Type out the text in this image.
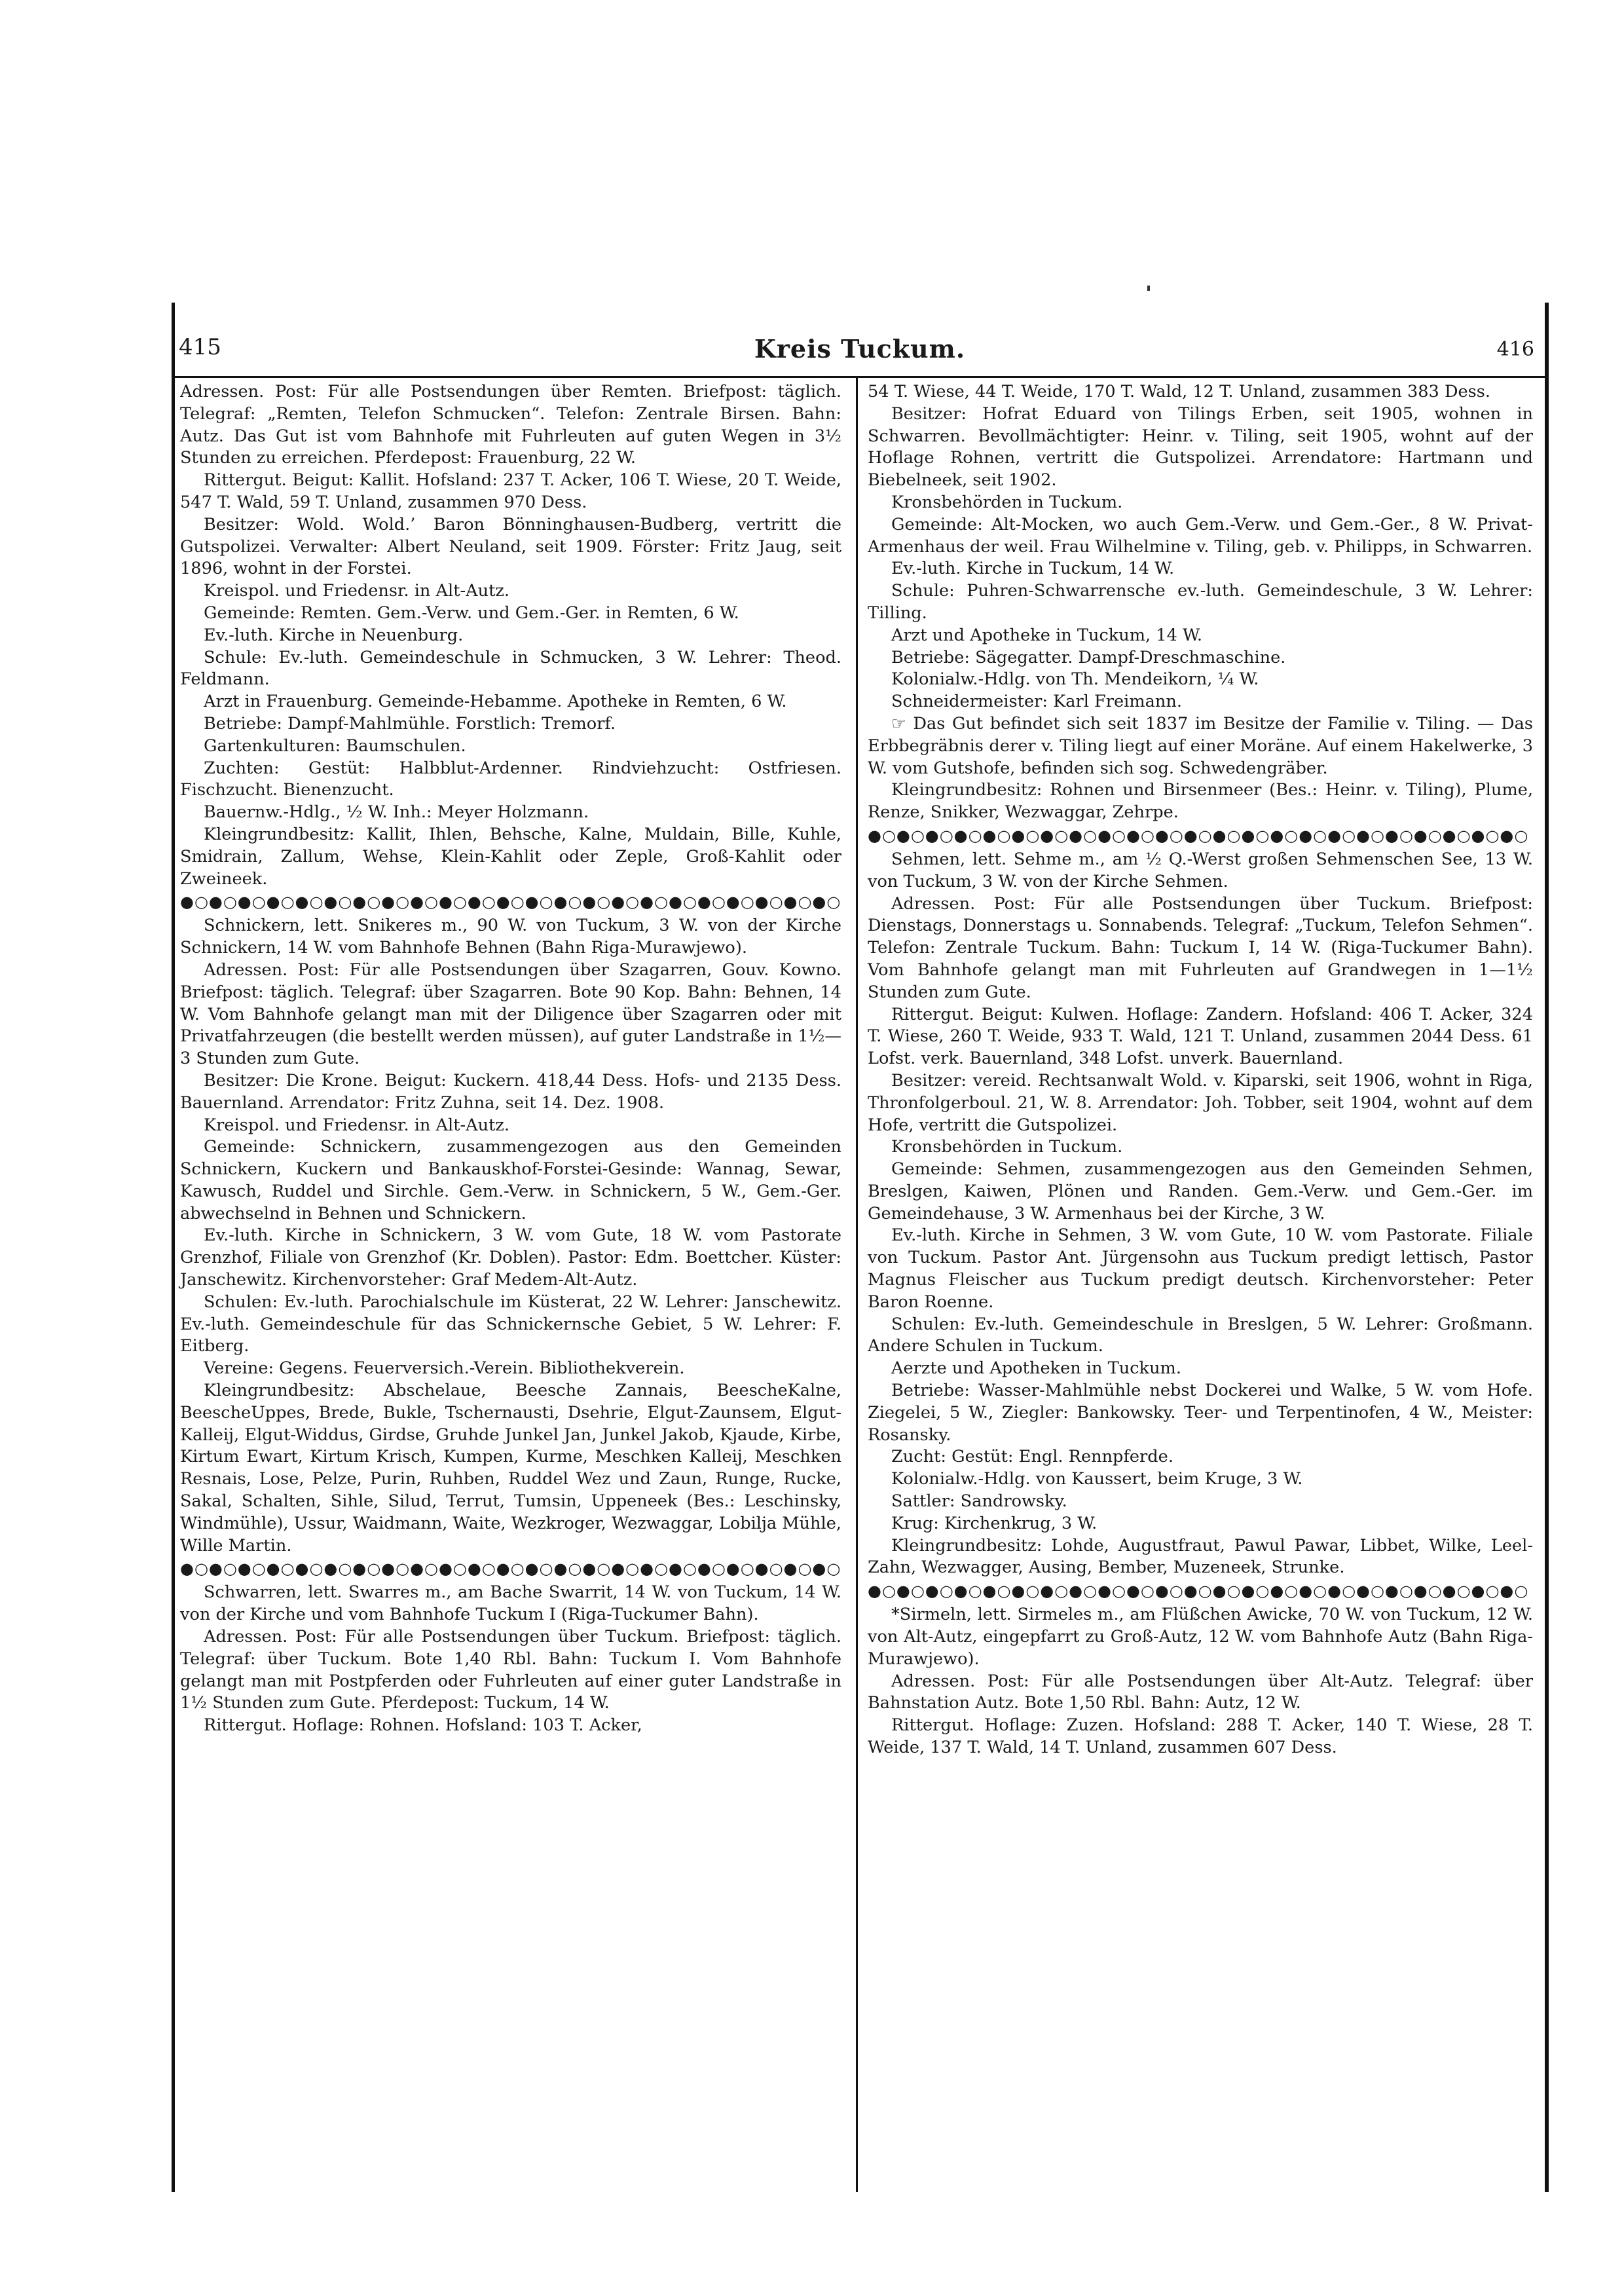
415	Kreis Tuckum.	416

Adressen. Post: Für alle Postsendungen über Remten. Briefpost: täglich. Telegraf: „Remten, Telefon Schmucken“. Telefon: Zentrale Birsen. Bahn: Autz. Das Gut ist vom Bahnhofe mit Fuhrleuten auf guten Wegen in 3½ Stunden zu erreichen. Pferdepost: Frauenburg, 22 W.

Rittergut. Beigut: Kallit. Hofsland: 237 T. Acker, 106 T. Wiese, 20 T. Weide, 547 T. Wald, 59 T. Unland, zusammen 970 Dess.

Besitzer: Wold. Wold.’ Baron Bönninghausen-Budberg, vertritt die Gutspolizei. Verwalter: Albert Neuland, seit 1909. Förster: Fritz Jaug, seit 1896, wohnt in der Forstei.

Kreispol. und Friedensr. in Alt-Autz.

Gemeinde: Remten. Gem.-Verw. und Gem.-Ger. in Remten, 6 W.

Ev.-luth. Kirche in Neuenburg.

Schule: Ev.-luth. Gemeindeschule in Schmucken, 3 W. Lehrer: Theod. Feldmann.

Arzt in Frauenburg. Gemeinde-Hebamme. Apotheke in Remten, 6 W.

Betriebe: Dampf-Mahlmühle. Forstlich: Tremorf.

Gartenkulturen: Baumschulen.

Zuchten: Gestüt: Halbblut-Ardenner. Rindviehzucht: Ostfriesen. Fischzucht. Bienenzucht.

Bauernw.-Hdlg., ½ W. Inh.: Meyer Holzmann.

Kleingrundbesitz: Kallit, Ihlen, Behsche, Kalne, Muldain, Bille, Kuhle, Smidrain, Zallum, Wehse, Klein-Kahlit oder Zeple, Groß-Kahlit oder Zweineek.

●○●○●○●○●○●○●○●○●○●○●○●○●○●○●○●○●○●○●○●○●○●○●○

Schnickern, lett. Snikeres m., 90 W. von Tuckum, 3 W. von der Kirche Schnickern, 14 W. vom Bahnhofe Behnen (Bahn Riga-Murawjewo).

Adressen. Post: Für alle Postsendungen über Szagarren, Gouv. Kowno. Briefpost: täglich. Telegraf: über Szagarren. Bote 90 Kop. Bahn: Behnen, 14 W. Vom Bahnhofe gelangt man mit der Diligence über Szagarren oder mit Privatfahrzeugen (die bestellt werden müssen), auf guter Landstraße in 1½—3 Stunden zum Gute.

Besitzer: Die Krone. Beigut: Kuckern. 418,44 Dess. Hofs- und 2135 Dess. Bauernland. Arrendator: Fritz Zuhna, seit 14. Dez. 1908.

Kreispol. und Friedensr. in Alt-Autz.

Gemeinde: Schnickern, zusammengezogen aus den Gemeinden Schnickern, Kuckern und Bankauskhof-Forstei-Gesinde: Wannag, Sewar, Kawusch, Ruddel und Sirchle. Gem.-Verw. in Schnickern, 5 W., Gem.-Ger. abwechselnd in Behnen und Schnickern.

Ev.-luth. Kirche in Schnickern, 3 W. vom Gute, 18 W. vom Pastorate Grenzhof, Filiale von Grenzhof (Kr. Doblen). Pastor: Edm. Boettcher. Küster: Janschewitz. Kirchenvorsteher: Graf Medem-Alt-Autz.

Schulen: Ev.-luth. Parochialschule im Küsterat, 22 W. Lehrer: Janschewitz. Ev.-luth. Gemeindeschule für das Schnickernsche Gebiet, 5 W. Lehrer: F. Eitberg.

Vereine: Gegens. Feuerversich.-Verein. Bibliothekverein.

Kleingrundbesitz: Abschelaue, Beesche Zannais, BeescheKalne, BeescheUppes, Brede, Bukle, Tschernausti, Dsehrie, Elgut-Zaunsem, Elgut-Kalleij, Elgut-Widdus, Girdse, Gruhde Junkel Jan, Junkel Jakob, Kjaude, Kirbe, Kirtum Ewart, Kirtum Krisch, Kumpen, Kurme, Meschken Kalleij, Meschken Resnais, Lose, Pelze, Purin, Ruhben, Ruddel Wez und Zaun, Runge, Rucke, Sakal, Schalten, Sihle, Silud, Terrut, Tumsin, Uppeneek (Bes.: Leschinsky, Windmühle), Ussur, Waidmann, Waite, Wezkroger, Wezwaggar, Lobilja Mühle, Wille Martin.

●○●○●○●○●○●○●○●○●○●○●○●○●○●○●○●○●○●○●○●○●○●○●○

Schwarren, lett. Swarres m., am Bache Swarrit, 14 W. von Tuckum, 14 W. von der Kirche und vom Bahnhofe Tuckum I (Riga-Tuckumer Bahn).

Adressen. Post: Für alle Postsendungen über Tuckum. Briefpost: täglich. Telegraf: über Tuckum. Bote 1,40 Rbl. Bahn: Tuckum I. Vom Bahnhofe gelangt man mit Postpferden oder Fuhrleuten auf einer guter Landstraße in 1½ Stunden zum Gute. Pferdepost: Tuckum, 14 W.

Rittergut. Hoflage: Rohnen. Hofsland: 103 T. Acker,

54 T. Wiese, 44 T. Weide, 170 T. Wald, 12 T. Unland, zusammen 383 Dess.

Besitzer: Hofrat Eduard von Tilings Erben, seit 1905, wohnen in Schwarren. Bevollmächtigter: Heinr. v. Tiling, seit 1905, wohnt auf der Hoflage Rohnen, vertritt die Gutspolizei. Arrendatore: Hartmann und Biebelneek, seit 1902.

Kronsbehörden in Tuckum.

Gemeinde: Alt-Mocken, wo auch Gem.-Verw. und Gem.-Ger., 8 W. Privat-Armenhaus der weil. Frau Wilhelmine v. Tiling, geb. v. Philipps, in Schwarren.

Ev.-luth. Kirche in Tuckum, 14 W.

Schule: Puhren-Schwarrensche ev.-luth. Gemeindeschule, 3 W. Lehrer: Tilling.

Arzt und Apotheke in Tuckum, 14 W.

Betriebe: Sägegatter. Dampf-Dreschmaschine.

Kolonialw.-Hdlg. von Th. Mendeikorn, ¼ W.

Schneidermeister: Karl Freimann.

☞ Das Gut befindet sich seit 1837 im Besitze der Familie v. Tiling. — Das Erbbegräbnis derer v. Tiling liegt auf einer Moräne. Auf einem Hakelwerke, 3 W. vom Gutshofe, befinden sich sog. Schwedengräber.

Kleingrundbesitz: Rohnen und Birsenmeer (Bes.: Heinr. v. Tiling), Plume, Renze, Snikker, Wezwaggar, Zehrpe.

●○●○●○●○●○●○●○●○●○●○●○●○●○●○●○●○●○●○●○●○●○●○●○

Sehmen, lett. Sehme m., am ½ Q.-Werst großen Sehmenschen See, 13 W. von Tuckum, 3 W. von der Kirche Sehmen.

Adressen. Post: Für alle Postsendungen über Tuckum. Briefpost: Dienstags, Donnerstags u. Sonnabends. Telegraf: „Tuckum, Telefon Sehmen“. Telefon: Zentrale Tuckum. Bahn: Tuckum I, 14 W. (Riga-Tuckumer Bahn). Vom Bahnhofe gelangt man mit Fuhrleuten auf Grandwegen in 1—1½ Stunden zum Gute.

Rittergut. Beigut: Kulwen. Hoflage: Zandern. Hofsland: 406 T. Acker, 324 T. Wiese, 260 T. Weide, 933 T. Wald, 121 T. Unland, zusammen 2044 Dess. 61 Lofst. verk. Bauernland, 348 Lofst. unverk. Bauernland.

Besitzer: vereid. Rechtsanwalt Wold. v. Kiparski, seit 1906, wohnt in Riga, Thronfolgerboul. 21, W. 8. Arrendator: Joh. Tobber, seit 1904, wohnt auf dem Hofe, vertritt die Gutspolizei.

Kronsbehörden in Tuckum.

Gemeinde: Sehmen, zusammengezogen aus den Gemeinden Sehmen, Breslgen, Kaiwen, Plönen und Randen. Gem.-Verw. und Gem.-Ger. im Gemeindehause, 3 W. Armenhaus bei der Kirche, 3 W.

Ev.-luth. Kirche in Sehmen, 3 W. vom Gute, 10 W. vom Pastorate. Filiale von Tuckum. Pastor Ant. Jürgensohn aus Tuckum predigt lettisch, Pastor Magnus Fleischer aus Tuckum predigt deutsch. Kirchenvorsteher: Peter Baron Roenne.

Schulen: Ev.-luth. Gemeindeschule in Breslgen, 5 W. Lehrer: Großmann. Andere Schulen in Tuckum.

Aerzte und Apotheken in Tuckum.

Betriebe: Wasser-Mahlmühle nebst Dockerei und Walke, 5 W. vom Hofe. Ziegelei, 5 W., Ziegler: Bankowsky. Teer- und Terpentinofen, 4 W., Meister: Rosansky.

Zucht: Gestüt: Engl. Rennpferde.

Kolonialw.-Hdlg. von Kaussert, beim Kruge, 3 W.

Sattler: Sandrowsky.

Krug: Kirchenkrug, 3 W.

Kleingrundbesitz: Lohde, Augustfraut, Pawul Pawar, Libbet, Wilke, Leel-Zahn, Wezwagger, Ausing, Bember, Muzeneek, Strunke.

●○●○●○●○●○●○●○●○●○●○●○●○●○●○●○●○●○●○●○●○●○●○●○

*Sirmeln, lett. Sirmeles m., am Flüßchen Awicke, 70 W. von Tuckum, 12 W. von Alt-Autz, eingepfarrt zu Groß-Autz, 12 W. vom Bahnhofe Autz (Bahn Riga-Murawjewo).

Adressen. Post: Für alle Postsendungen über Alt-Autz. Telegraf: über Bahnstation Autz. Bote 1,50 Rbl. Bahn: Autz, 12 W.

Rittergut. Hoflage: Zuzen. Hofsland: 288 T. Acker, 140 T. Wiese, 28 T. Weide, 137 T. Wald, 14 T. Unland, zusammen 607 Dess.
